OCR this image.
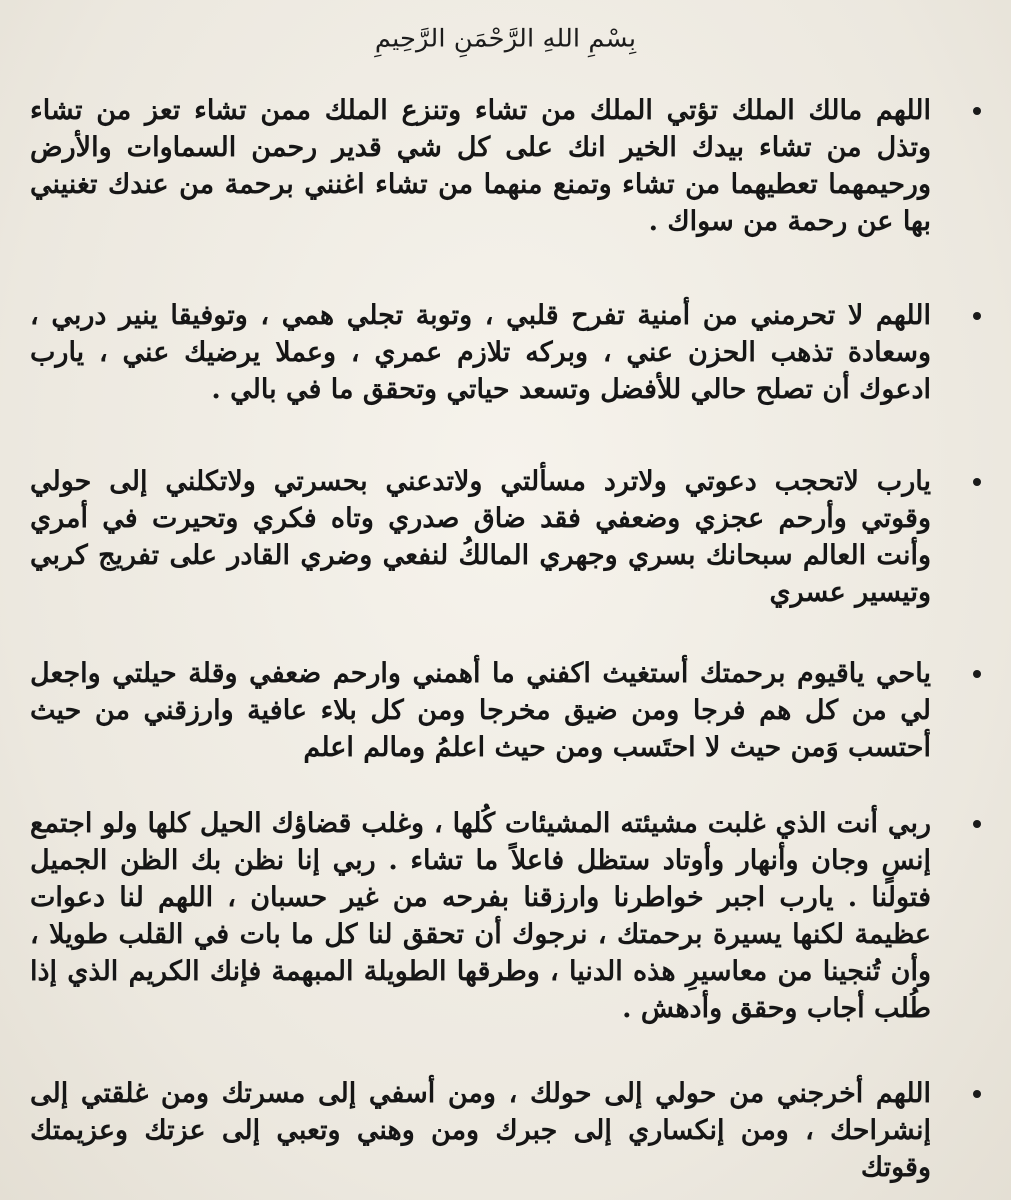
بِسْمِ اللهِ الرَّحْمَنِ الرَّحِيمِ
اللهم مالك الملك تؤتي الملك من تشاء وتنزع الملك ممن تشاء تعز من تشاء وتذل من تشاء بيدك الخير انك على كل شي قدير رحمن السماوات والأرض ورحيمهما تعطيهما من تشاء وتمنع منهما من تشاء اغنني برحمة من عندك تغنيني بها عن رحمة من سواك .
اللهم لا تحرمني من أمنية تفرح قلبي ، وتوبة تجلي همي ، وتوفيقا ينير دربي ، وسعادة تذهب الحزن عني ، وبركه تلازم عمري ، وعملا يرضيك عني ، يارب ادعوك أن تصلح حالي للأفضل وتسعد حياتي وتحقق ما في بالي .
يارب لاتحجب دعوتي ولاترد مسألتي ولاتدعني بحسرتي ولاتكلني إلى حولي وقوتي وأرحم عجزي وضعفي فقد ضاق صدري وتاه فكري وتحيرت في أمري وأنت العالم سبحانك بسري وجهري المالكُ لنفعي وضري القادر على تفريج كربي وتيسير عسري
ياحي ياقيوم برحمتك أستغيث اكفني ما أهمني وارحم ضعفي وقلة حيلتي واجعل لي من كل هم فرجا ومن ضيق مخرجا ومن كل بلاء عافية وارزقني من حيث أحتسب وَمن حيث لا احتَسب ومن حيث اعلمُ ومالم اعلم
ربي أنت الذي غلبت مشيئته المشيئات كُلها ، وغلب قضاؤك الحيل كلها ولو اجتمع إنسٍ وجان وأنهار وأوتاد ستظل فاعلاً ما تشاء . ربي إنا نظن بك الظن الجميل فتولنا . يارب اجبر خواطرنا وارزقنا بفرحه من غير حسبان ، اللهم لنا دعوات عظيمة لكنها يسيرة برحمتك ، نرجوك أن تحقق لنا كل ما بات في القلب طويلا ، وأن تُنجينا من معاسيرِ هذه الدنيا ، وطرقها الطويلة المبهمة فإنك الكريم الذي إذا طُلب أجاب وحقق وأدهش .
اللهم أخرجني من حولي إلى حولك ، ومن أسفي إلى مسرتك ومن غلقتي إلى إنشراحك ، ومن إنكساري إلى جبرك ومن وهني وتعبي إلى عزتك وعزيمتك وقوتك
